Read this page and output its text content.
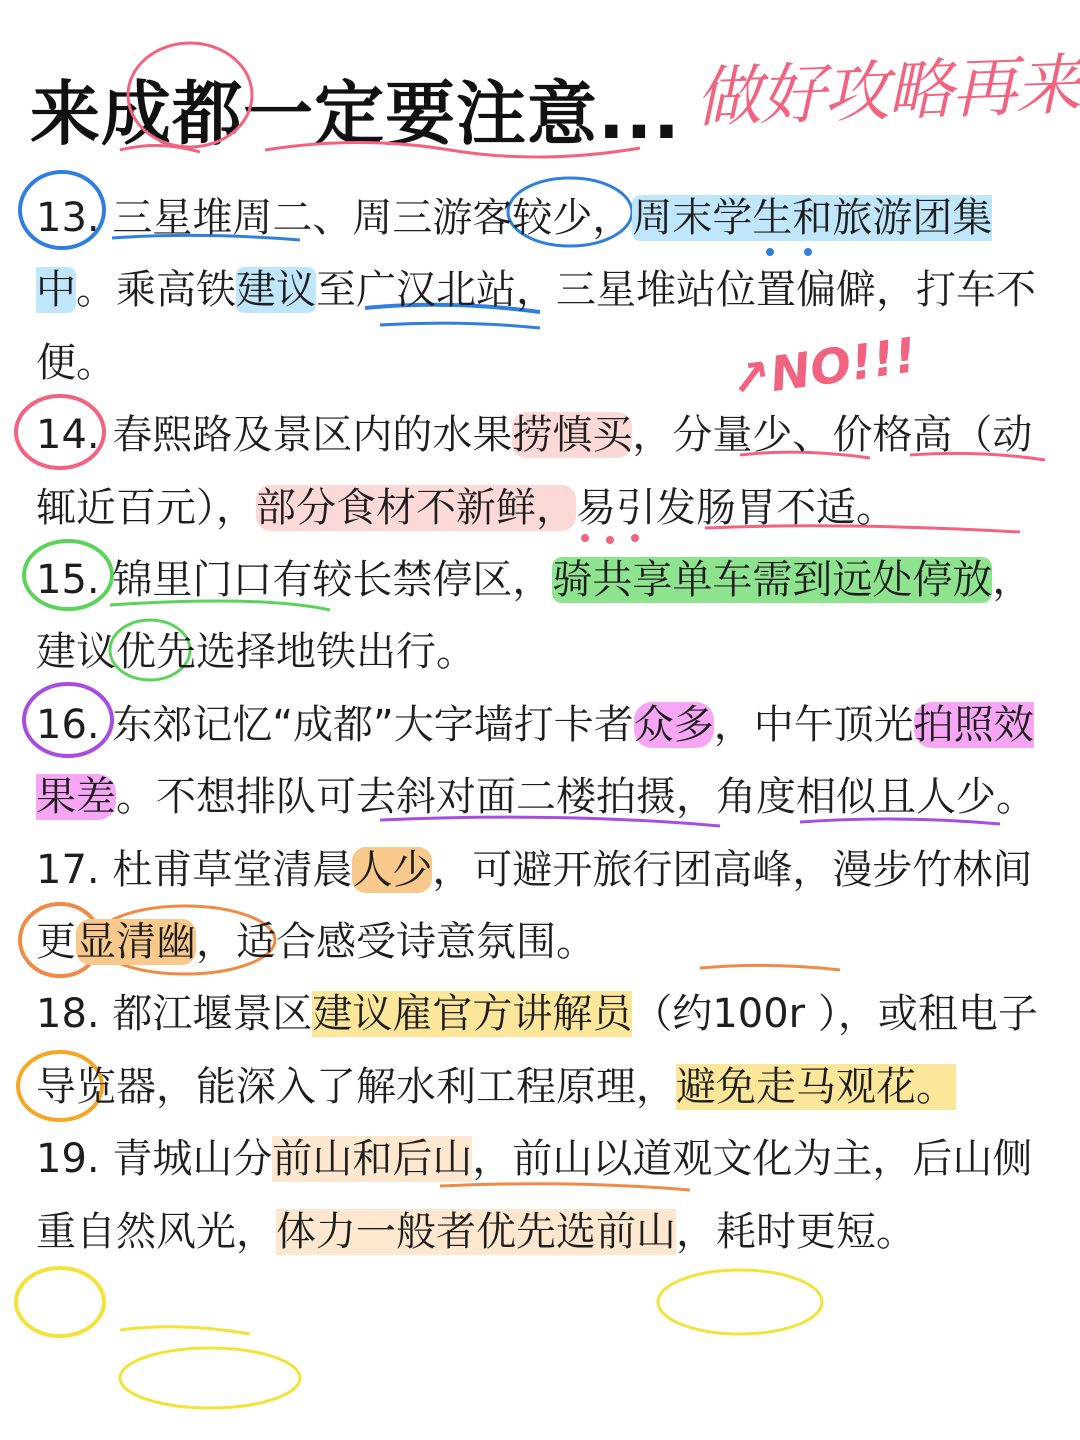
来成都一定要注意... 做好攻略再来
↗NO!!!

13. 三星堆周二、周三游客较少，周末学生和旅游团集中。乘高铁建议至广汉北站，三星堆站位置偏僻，打车不便。

14. 春熙路及景区内的水果捞慎买，分量少、价格高（动辄近百元），部分食材不新鲜，易引发肠胃不适。

15. 锦里门口有较长禁停区，骑共享单车需到远处停放，建议优先选择地铁出行。

16. 东郊记忆“成都”大字墙打卡者众多，中午顶光拍照效果差。不想排队可去斜对面二楼拍摄，角度相似且人少。

17. 杜甫草堂清晨人少，可避开旅行团高峰，漫步竹林间更显清幽，适合感受诗意氛围。

18. 都江堰景区建议雇官方讲解员（约100r ），或租电子导览器，能深入了解水利工程原理，避免走马观花。

19. 青城山分前山和后山，前山以道观文化为主，后山侧重自然风光，体力一般者优先选前山，耗时更短。
